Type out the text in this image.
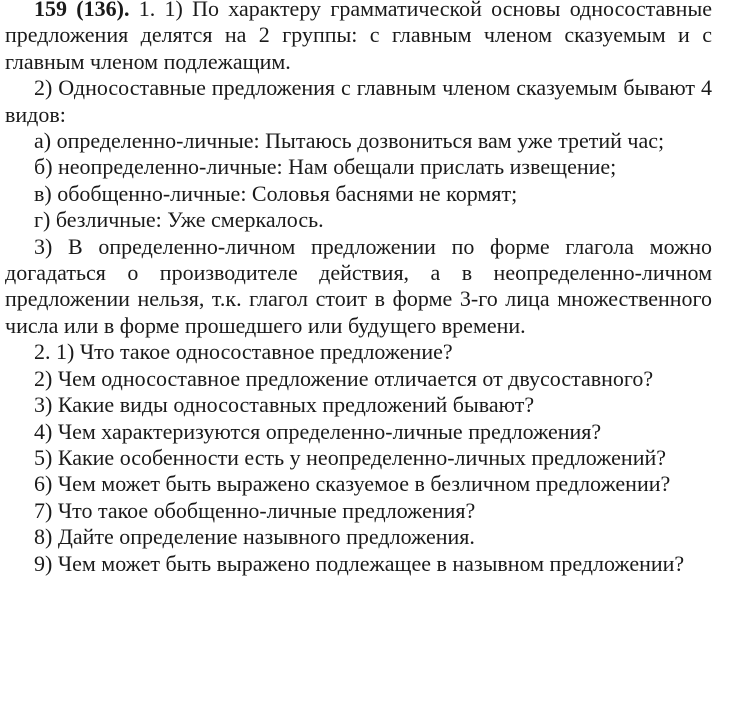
159 (136). 1. 1) По характеру грамматической основы односоставные предложения делятся на 2 группы: с главным членом сказуемым и с главным членом подлежащим.

2) Односоставные предложения с главным членом сказуемым бывают 4 видов:

а) определенно-личные: Пытаюсь дозвониться вам уже третий час;

б) неопределенно-личные: Нам обещали прислать извещение;

в) обобщенно-личные: Соловья баснями не кормят;

г) безличные: Уже смеркалось.

3) В определенно-личном предложении по форме глагола можно догадаться о производителе действия, а в неопределенно-личном предложении нельзя, т.к. глагол стоит в форме 3-го лица множественного числа или в форме прошедшего или будущего времени.

2. 1) Что такое односоставное предложение?

2) Чем односоставное предложение отличается от двусоставного?

3) Какие виды односоставных предложений бывают?

4) Чем характеризуются определенно-личные предложения?

5) Какие особенности есть у неопределенно-личных предложений?

6) Чем может быть выражено сказуемое в безличном предложении?

7) Что такое обобщенно-личные предложения?

8) Дайте определение назывного предложения.

9) Чем может быть выражено подлежащее в назывном предложении?
